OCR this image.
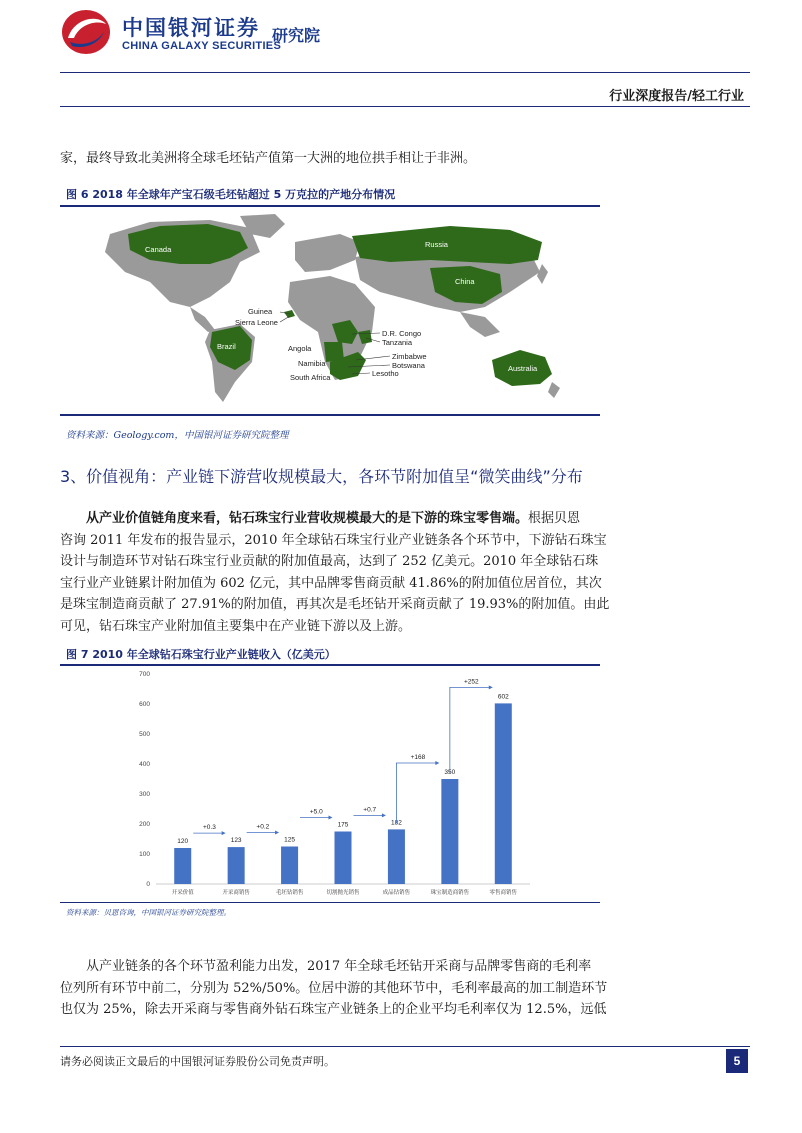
中国银河证券
CHINA GALAXY SECURITIES
研究院
行业深度报告/轻工行业
家，最终导致北美洲将全球毛坯钻产值第一大洲的地位拱手相让于非洲。
图 6 2018 年全球年产宝石级毛坯钻超过 5 万克拉的产地分布情况
Canada
Russia
China
Brazil
Australia
Guinea
Sierra Leone
D.R. Congo
Tanzania
Angola
Zimbabwe
Botswana
Namibia
South Africa	Lesotho
资料来源：Geology.com，中国银河证券研究院整理
3、价值视角：产业链下游营收规模最大，各环节附加值呈“微笑曲线”分布
从产业价值链角度来看，钻石珠宝行业营收规模最大的是下游的珠宝零售端。根据贝恩
咨询 2011 年发布的报告显示，2010 年全球钻石珠宝行业产业链条各个环节中，下游钻石珠宝
设计与制造环节对钻石珠宝行业贡献的附加值最高，达到了 252 亿美元。2010 年全球钻石珠
宝行业产业链累计附加值为 602 亿元，其中品牌零售商贡献 41.86%的附加值位居首位，其次
是珠宝制造商贡献了 27.91%的附加值，再其次是毛坯钻开采商贡献了 19.93%的附加值。由此
可见，钻石珠宝产业附加值主要集中在产业链下游以及上游。
图 7 2010 年全球钻石珠宝行业产业链收入（亿美元）
0
100
200
300
400
500
600
700
120
开采价值
123
开采商销售
125
毛坯钻销售
175
切割抛光销售
182
成品钻销售
350
珠宝制造商销售
602
零售商销售
+0.3	+0.2
+5.0	+0.7
+168
+252
资料来源：贝恩咨询，中国银河证券研究院整理。
从产业链条的各个环节盈利能力出发，2017 年全球毛坯钻开采商与品牌零售商的毛利率
位列所有环节中前二，分别为 52%/50%。位居中游的其他环节中，毛利率最高的加工制造环节
也仅为 25%，除去开采商与零售商外钻石珠宝产业链条上的企业平均毛利率仅为 12.5%，远低
请务必阅读正文最后的中国银河证券股份公司免责声明。	5
